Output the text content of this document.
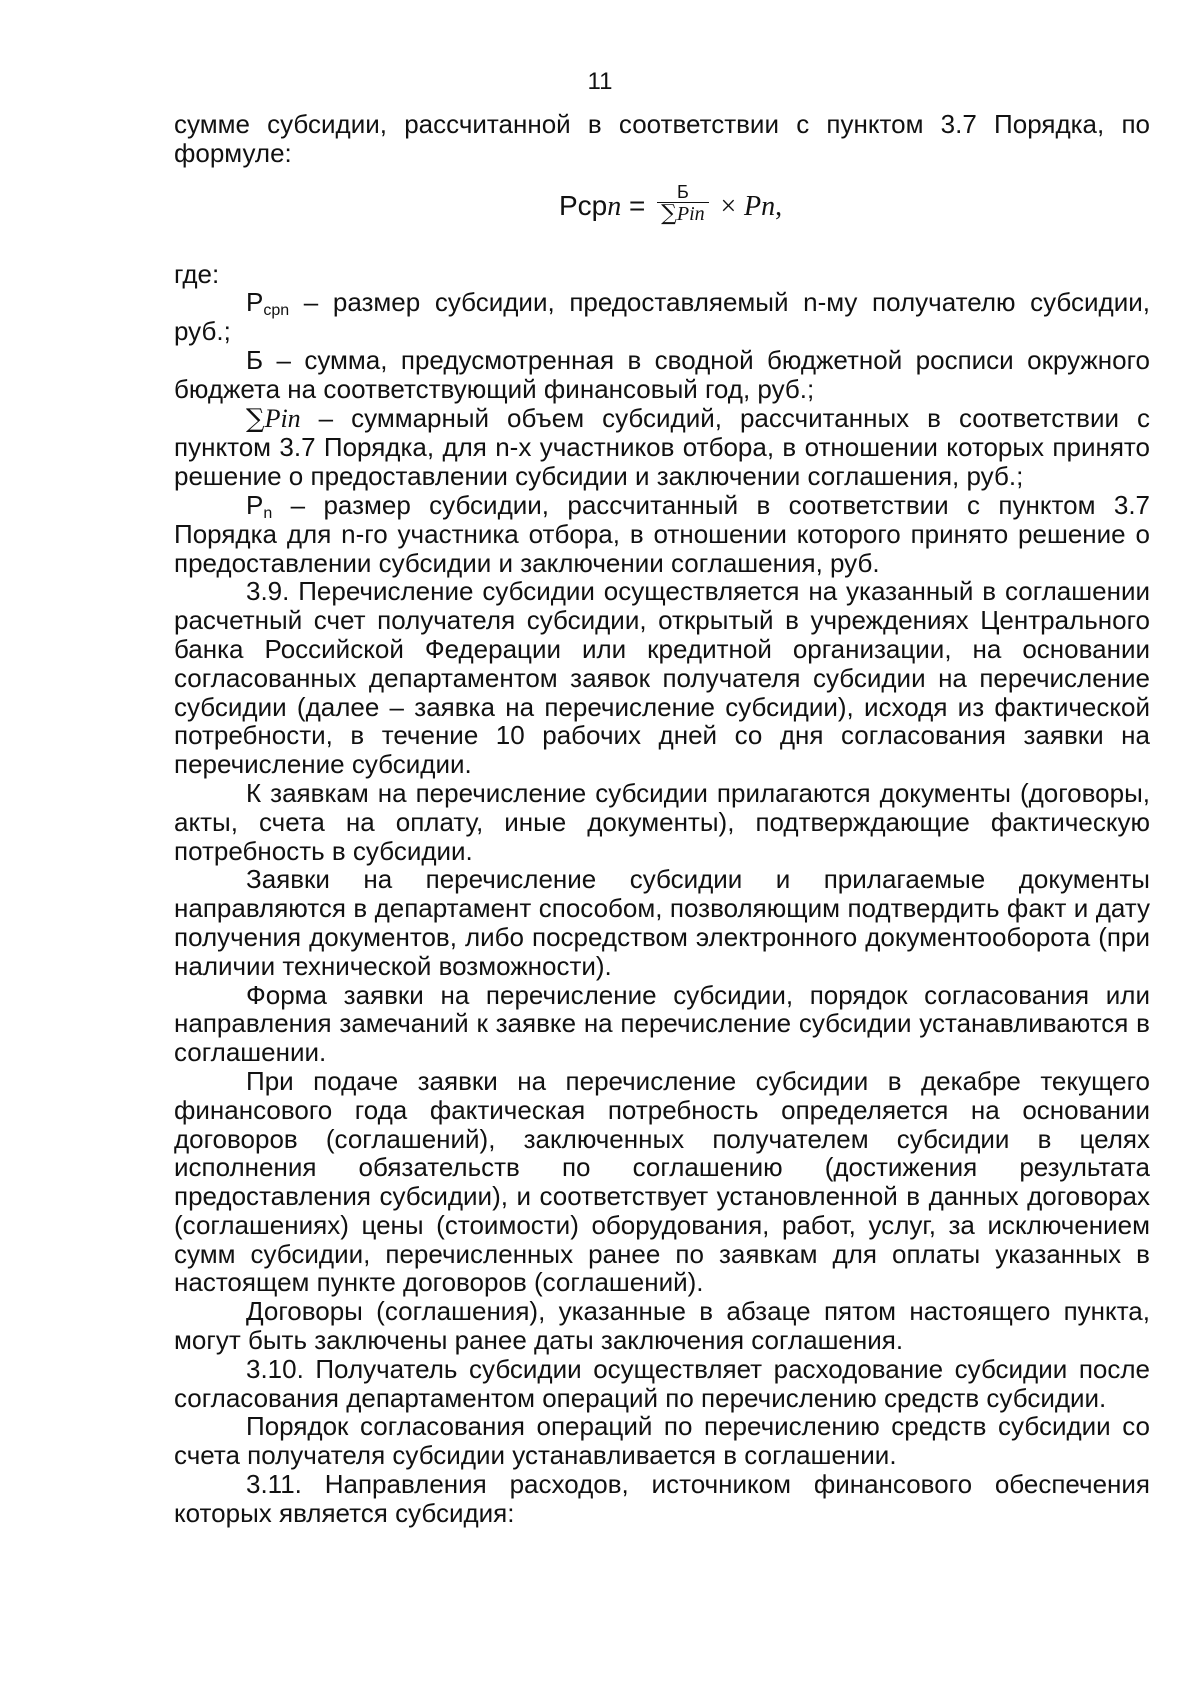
11

сумме субсидии, рассчитанной в соответствии с пунктом 3.7 Порядка, по формуле:

Рсрn = $\frac{Б}{\text{∑Pin}} \times Pn$,

где:

$Р_{срn}$ – размер субсидии, предоставляемый n-му получателю субсидии, руб.;

Б – сумма, предусмотренная в сводной бюджетной росписи окружного бюджета на соответствующий финансовый год, руб.;

∑Pin – суммарный объем субсидий, рассчитанных в соответствии с пунктом 3.7 Порядка, для n-х участников отбора, в отношении которых принято решение о предоставлении субсидии и заключении соглашения, руб.;

$Р_n$ – размер субсидии, рассчитанный в соответствии с пунктом 3.7 Порядка для n-го участника отбора, в отношении которого принято решение о предоставлении субсидии и заключении соглашения, руб.

3.9. Перечисление субсидии осуществляется на указанный в соглашении расчетный счет получателя субсидии, открытый в учреждениях Центрального банка Российской Федерации или кредитной организации, на основании согласованных департаментом заявок получателя субсидии на перечисление субсидии (далее – заявка на перечисление субсидии), исходя из фактической потребности, в течение 10 рабочих дней со дня согласования заявки на перечисление субсидии.

К заявкам на перечисление субсидии прилагаются документы (договоры, акты, счета на оплату, иные документы), подтверждающие фактическую потребность в субсидии.

Заявки на перечисление субсидии и прилагаемые документы направляются в департамент способом, позволяющим подтвердить факт и дату получения документов, либо посредством электронного документооборота (при наличии технической возможности).

Форма заявки на перечисление субсидии, порядок согласования или направления замечаний к заявке на перечисление субсидии устанавливаются в соглашении.

При подаче заявки на перечисление субсидии в декабре текущего финансового года фактическая потребность определяется на основании договоров (соглашений), заключенных получателем субсидии в целях исполнения обязательств по соглашению (достижения результата предоставления субсидии), и соответствует установленной в данных договорах (соглашениях) цены (стоимости) оборудования, работ, услуг, за исключением сумм субсидии, перечисленных ранее по заявкам для оплаты указанных в настоящем пункте договоров (соглашений).

Договоры (соглашения), указанные в абзаце пятом настоящего пункта, могут быть заключены ранее даты заключения соглашения.

3.10. Получатель субсидии осуществляет расходование субсидии после согласования департаментом операций по перечислению средств субсидии.

Порядок согласования операций по перечислению средств субсидии со счета получателя субсидии устанавливается в соглашении.

3.11. Направления расходов, источником финансового обеспечения которых является субсидия:
